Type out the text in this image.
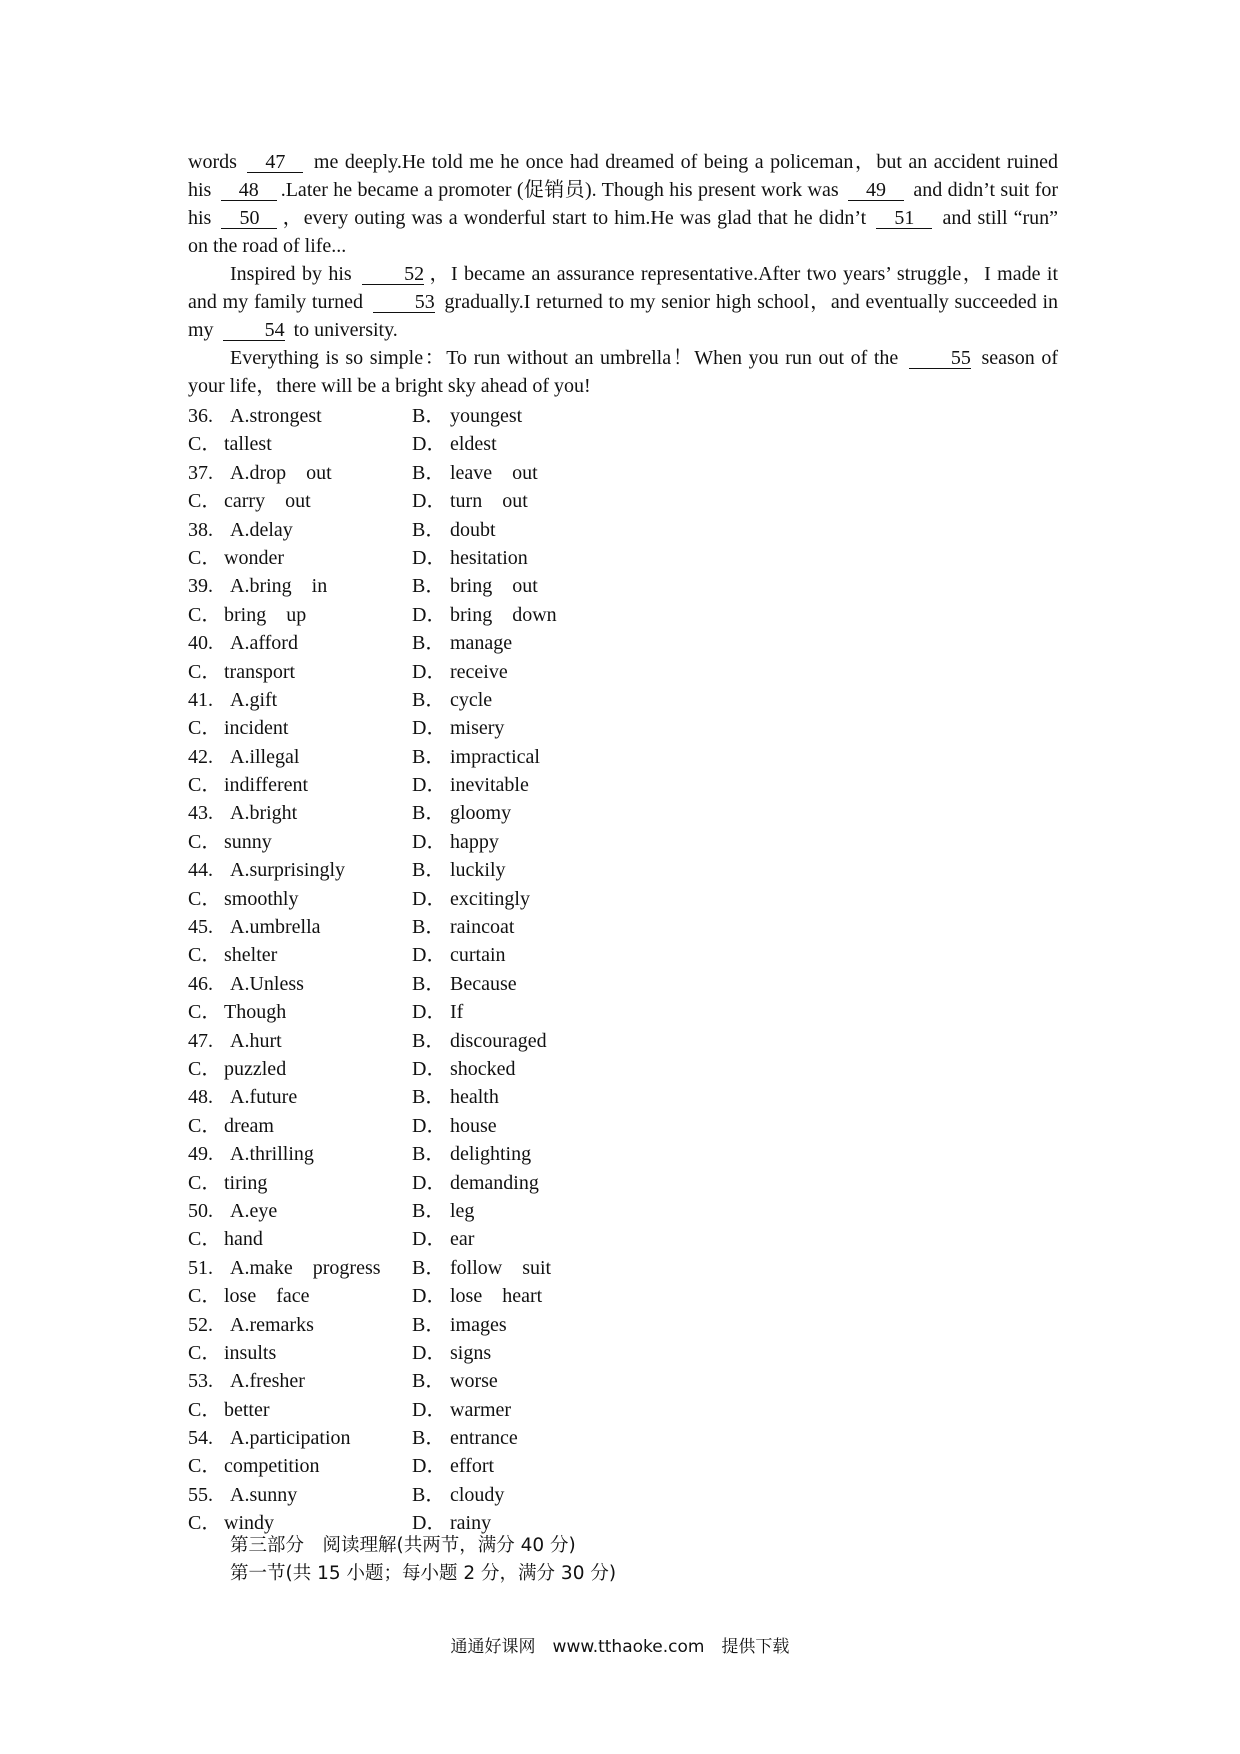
words 47 me deeply.He told me he once had dreamed of being a policeman，but an accident ruined his 48 .Later he became a promoter (促销员). Though his present work was 49 and didn’t suit for his 50 ，every outing was a wonderful start to him.He was glad that he didn’t 51 and still “run” on the road of life...

Inspired by his	52 ，I became an assurance representative.After two years’ struggle，I made it and my family turned	53 gradually.I returned to my senior high school，and eventually succeeded in my	54 to university.

Everything is so simple：To run without an umbrella！When you run out of the	55 season of your life，there will be a bright sky ahead of you!

36. A.strongest	B． youngest
C． tallest	D． eldest
37. A.drop　out	B． leave　out
C． carry　out	D． turn　out
38. A.delay	B． doubt
C． wonder	D． hesitation
39. A.bring　in	B． bring　out
C． bring　up	D． bring　down
40. A.afford	B． manage
C． transport	D． receive
41. A.gift	B． cycle
C． incident	D． misery
42. A.illegal	B． impractical
C． indifferent	D． inevitable
43. A.bright	B． gloomy
C． sunny	D． happy
44. A.surprisingly	B． luckily
C． smoothly	D． excitingly
45. A.umbrella	B． raincoat
C． shelter	D． curtain
46. A.Unless	B． Because
C． Though	D． If
47. A.hurt	B． discouraged
C． puzzled	D． shocked
48. A.future	B． health
C． dream	D． house
49. A.thrilling	B． delighting
C． tiring	D． demanding
50. A.eye	B． leg
C． hand	D． ear
51. A.make　progress B． follow　suit
C． lose　face	D． lose　heart
52. A.remarks	B． images
C． insults	D． signs
53. A.fresher	B． worse
C． better	D． warmer
54. A.participation	B． entrance
C． competition	D． effort
55. A.sunny	B． cloudy
C． windy	D． rainy
第三部分　阅读理解(共两节，满分 40 分)
第一节(共 15 小题；每小题 2 分，满分 30 分)
通通好课网　www.tthaoke.com　提供下载
